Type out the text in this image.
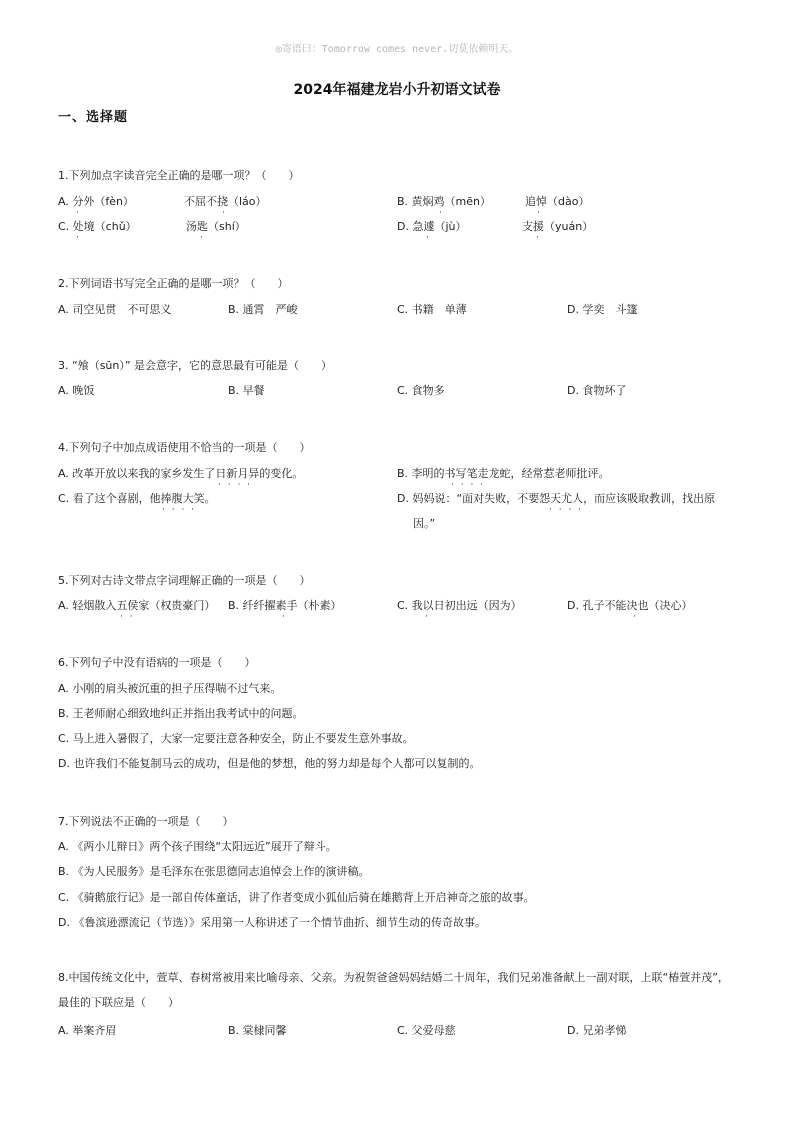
◎寄语曰：Tomorrow comes never.切莫依赖明天。
2024年福建龙岩小升初语文试卷
一、选择题
1.下列加点字读音完全正确的是哪一项？（　　）
A. 分外（fèn）	不屈不挠（láo）	B. 黄焖鸡（mēn）	追悼（dào）
C. 处境（chǔ）	汤匙（shí）	D. 急遽（jù）	支援（yuán）
·	·	·	·
·	·	·	·
2.下列词语书写完全正确的是哪一项？（　　）
A. 司空见贯　不可思义	B. 通霄　严峻	C. 书籍　单薄	D. 学奕　斗篷
3. “飧（sūn）” 是会意字，它的意思最有可能是（　　）
A. 晚饭	B. 早餐	C. 食物多	D. 食物坏了
4.下列句子中加点成语使用不恰当的一项是（　　）
A. 改革开放以来我的家乡发生了日新月异的变化。	B. 李明的书写笔走龙蛇，经常惹老师批评。
C. 看了这个喜剧，他捧腹大笑。	D. 妈妈说：“面对失败，不要怨天尤人，而应该吸取教训，找出原
因。”
· · · ·	· · · ·
· · · ·	· · · ·
5.下列对古诗文带点字词理解正确的一项是（　　）
A. 轻烟散入五侯家（权贵豪门） B. 纤纤擢素手（朴素）	C. 我以日初出远（因为）	D. 孔子不能决也（决心）
· ·	·	·	·
6.下列句子中没有语病的一项是（　　）
A. 小刚的肩头被沉重的担子压得喘不过气来。
B. 王老师耐心细致地纠正并指出我考试中的问题。
C. 马上进入暑假了，大家一定要注意各种安全，防止不要发生意外事故。
D. 也许我们不能复制马云的成功，但是他的梦想，他的努力却是每个人都可以复制的。
7.下列说法不正确的一项是（　　）
A. 《两小儿辩日》两个孩子围绕“太阳远近”展开了辩斗。
B. 《为人民服务》是毛泽东在张思德同志追悼会上作的演讲稿。
C. 《骑鹅旅行记》是一部自传体童话，讲了作者变成小狐仙后骑在雄鹅背上开启神奇之旅的故事。
D. 《鲁滨逊漂流记（节选）》采用第一人称讲述了一个情节曲折、细节生动的传奇故事。
8.中国传统文化中，萱草、春树常被用来比喻母亲、父亲。为祝贺爸爸妈妈结婚二十周年，我们兄弟准备献上一副对联，上联“椿萱并茂”，最佳的下联应是（　　）
A. 举案齐眉	B. 棠棣同馨	C. 父爱母慈	D. 兄弟孝悌
